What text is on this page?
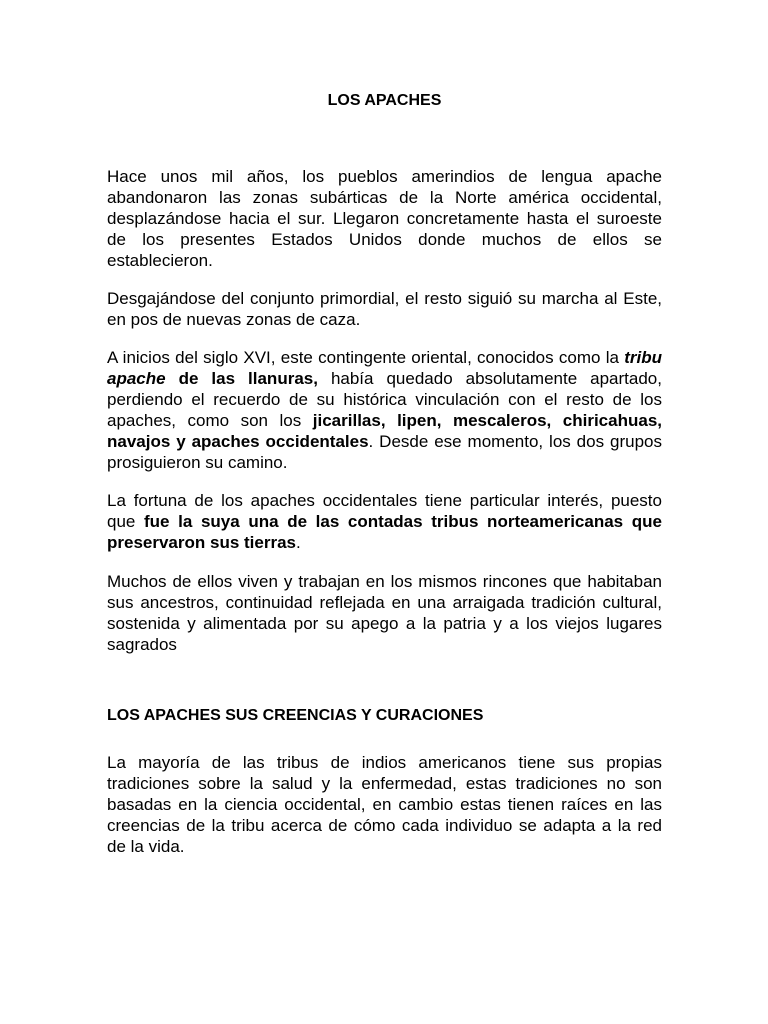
LOS APACHES

Hace unos mil años, los pueblos amerindios de lengua apache abandonaron las zonas subárticas de la Norte américa occidental, desplazándose hacia el sur. Llegaron concretamente hasta el suroeste de los presentes Estados Unidos donde muchos de ellos se establecieron.

Desgajándose del conjunto primordial, el resto siguió su marcha al Este, en pos de nuevas zonas de caza.

A inicios del siglo XVI, este contingente oriental, conocidos como la tribu apache de las llanuras, había quedado absolutamente apartado, perdiendo el recuerdo de su histórica vinculación con el resto de los apaches, como son los jicarillas, lipen, mescaleros, chiricahuas, navajos y apaches occidentales. Desde ese momento, los dos grupos prosiguieron su camino.

La fortuna de los apaches occidentales tiene particular interés, puesto que fue la suya una de las contadas tribus norteamericanas que preservaron sus tierras.

Muchos de ellos viven y trabajan en los mismos rincones que habitaban sus ancestros, continuidad reflejada en una arraigada tradición cultural, sostenida y alimentada por su apego a la patria y a los viejos lugares sagrados

LOS APACHES SUS CREENCIAS Y CURACIONES

La mayoría de las tribus de indios americanos tiene sus propias tradiciones sobre la salud y la enfermedad, estas tradiciones no son basadas en la ciencia occidental, en cambio estas tienen raíces en las creencias de la tribu acerca de cómo cada individuo se adapta a la red de la vida.
